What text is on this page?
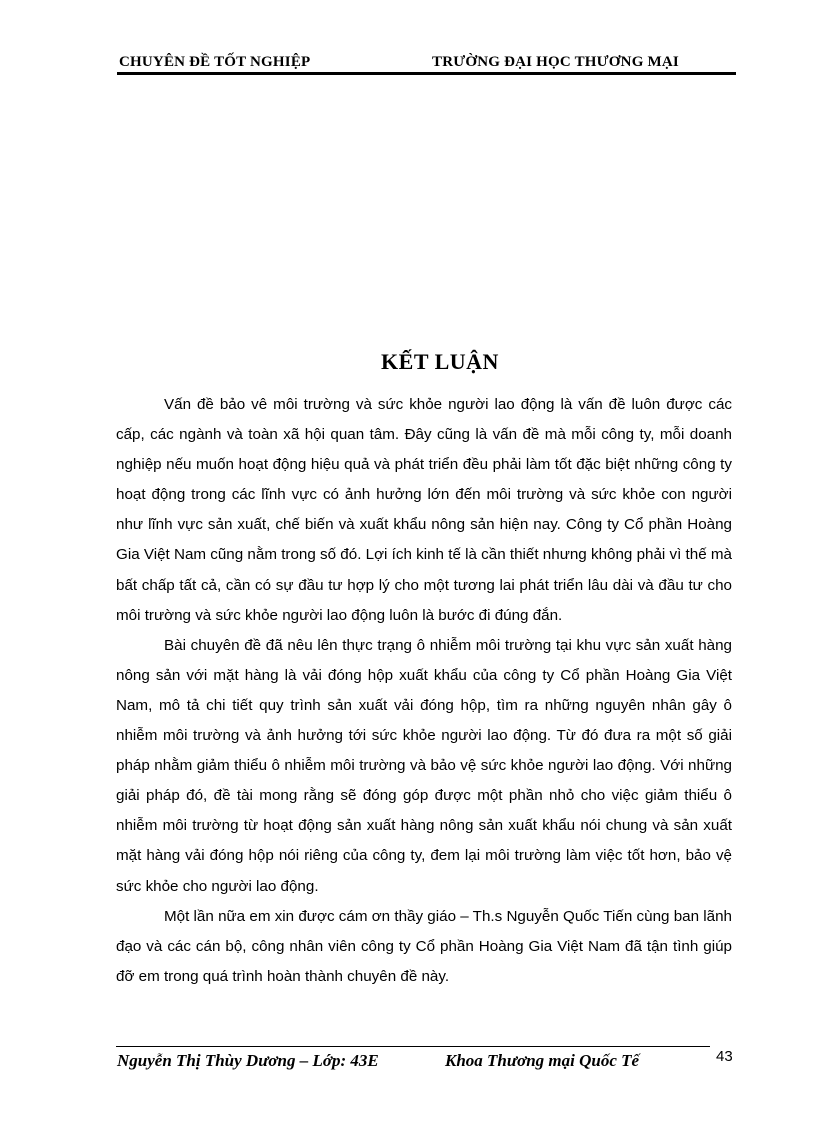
CHUYÊN ĐỀ TỐT NGHIỆP	TRƯỜNG ĐẠI HỌC THƯƠNG MẠI
KẾT LUẬN

Vấn đề bảo vê môi trường và sức khỏe người lao động là vấn đề luôn được các cấp, các ngành và toàn xã hội quan tâm. Đây cũng là vấn đề mà mỗi công ty, mỗi doanh nghiệp nếu muốn hoạt động hiệu quả và phát triển đều phải làm tốt đặc biệt những công ty hoạt động trong các lĩnh vực có ảnh hưởng lớn đến môi trường và sức khỏe con người như lĩnh vực sản xuất, chế biến và xuất khẩu nông sản hiện nay. Công ty Cổ phần Hoàng Gia Việt Nam cũng nằm trong số đó. Lợi ích kinh tế là cần thiết nhưng không phải vì thế mà bất chấp tất cả, cần có sự đầu tư hợp lý cho một tương lai phát triển lâu dài và đầu tư cho môi trường và sức khỏe người lao động luôn là bước đi đúng đắn.

Bài chuyên đề đã nêu lên thực trạng ô nhiễm môi trường tại khu vực sản xuất hàng nông sản với mặt hàng là vải đóng hộp xuất khẩu của công ty Cổ phần Hoàng Gia Việt Nam, mô tả chi tiết quy trình sản xuất vải đóng hộp, tìm ra những nguyên nhân gây ô nhiễm môi trường và ảnh hưởng tới sức khỏe người lao động. Từ đó đưa ra một số giải pháp nhằm giảm thiểu ô nhiễm môi trường và bảo vệ sức khỏe người lao động. Với những giải pháp đó, đề tài mong rằng sẽ đóng góp được một phần nhỏ cho việc giảm thiểu ô nhiễm môi trường từ hoạt động sản xuất hàng nông sản xuất khẩu nói chung và sản xuất mặt hàng vải đóng hộp nói riêng của công ty, đem lại môi trường làm việc tốt hơn, bảo vệ sức khỏe cho người lao động.

Một lần nữa em xin được cám ơn thầy giáo – Th.s Nguyễn Quốc Tiến cùng ban lãnh đạo và các cán bộ, công nhân viên công ty Cổ phần Hoàng Gia Việt Nam đã tận tình giúp đỡ em trong quá trình hoàn thành chuyên đề này.

Nguyễn Thị Thùy Dương – Lớp: 43E	Khoa Thương mại Quốc Tế	43
